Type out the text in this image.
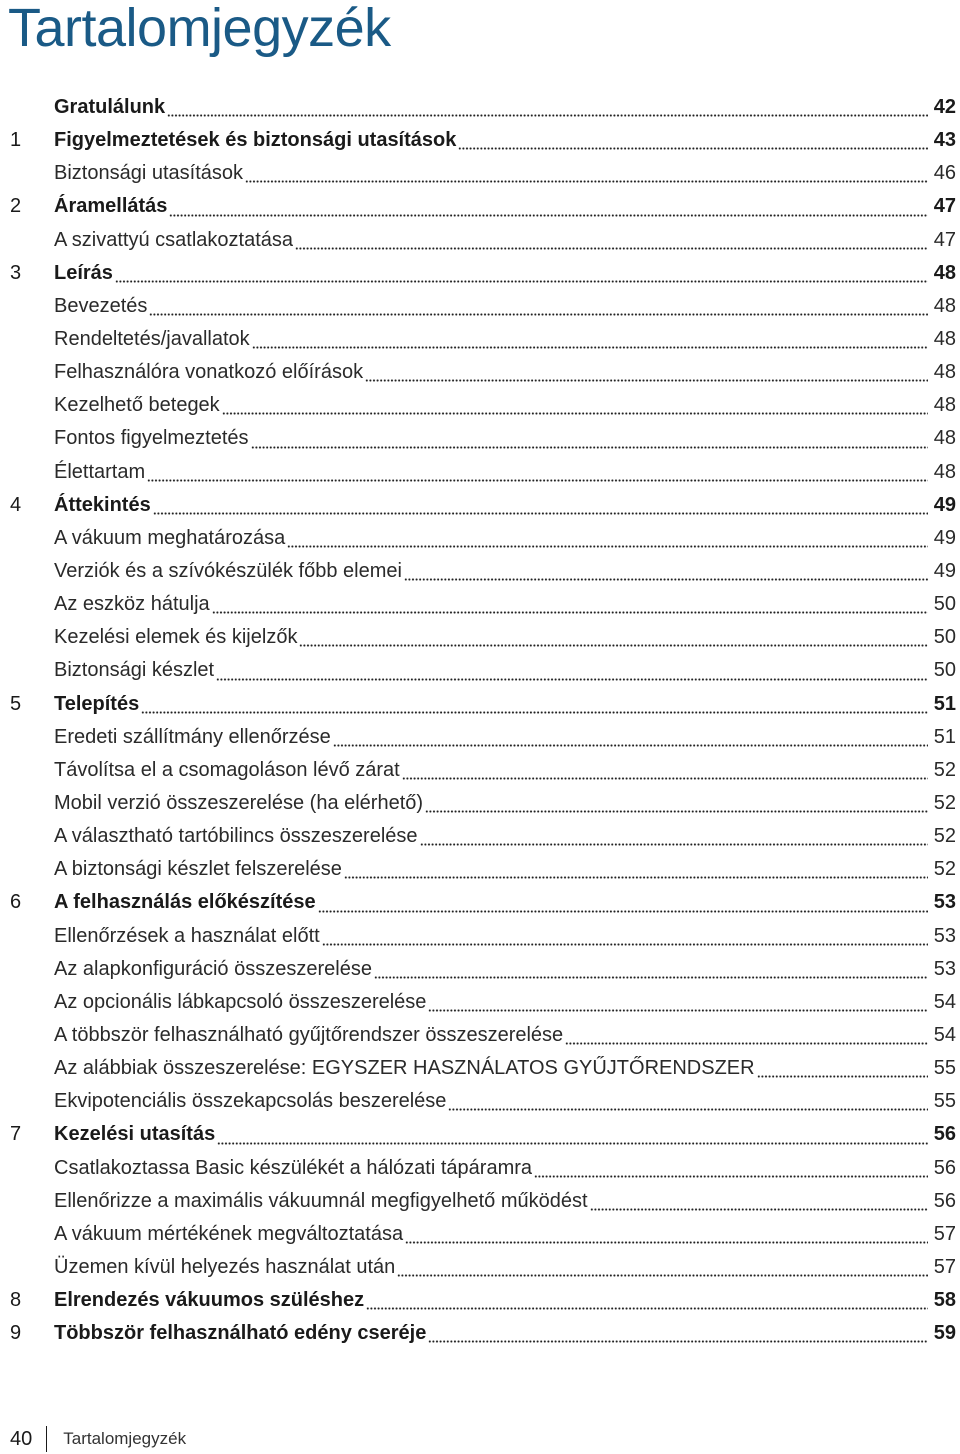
Tartalomjegyzék
Gratulálunk	42
1	Figyelmeztetések és biztonsági utasítások	43
Biztonsági utasítások	46
2	Áramellátás	47
A szivattyú csatlakoztatása	47
3	Leírás	48
Bevezetés	48
Rendeltetés/javallatok	48
Felhasználóra vonatkozó előírások	48
Kezelhető betegek	48
Fontos figyelmeztetés	48
Élettartam	48
4	Áttekintés	49
A vákuum meghatározása	49
Verziók és a szívókészülék főbb elemei	49
Az eszköz hátulja	50
Kezelési elemek és kijelzők	50
Biztonsági készlet	50
5	Telepítés	51
Eredeti szállítmány ellenőrzése	51
Távolítsa el a csomagoláson lévő zárat	52
Mobil verzió összeszerelése (ha elérhető)	52
A választható tartóbilincs összeszerelése	52
A biztonsági készlet felszerelése	52
6	A felhasználás előkészítése	53
Ellenőrzések a használat előtt	53
Az alapkonfiguráció összeszerelése	53
Az opcionális lábkapcsoló összeszerelése	54
A többször felhasználható gyűjtőrendszer összeszerelése	54
Az alábbiak összeszerelése: EGYSZER HASZNÁLATOS GYŰJTŐRENDSZER	55
Ekvipotenciális összekapcsolás beszerelése	55
7	Kezelési utasítás	56
Csatlakoztassa Basic készülékét a hálózati tápáramra	56
Ellenőrizze a maximális vákuumnál megfigyelhető működést	56
A vákuum mértékének megváltoztatása	57
Üzemen kívül helyezés használat után	57
8	Elrendezés vákuumos szüléshez	58
9	Többször felhasználható edény cseréje	59
40 Tartalomjegyzék
